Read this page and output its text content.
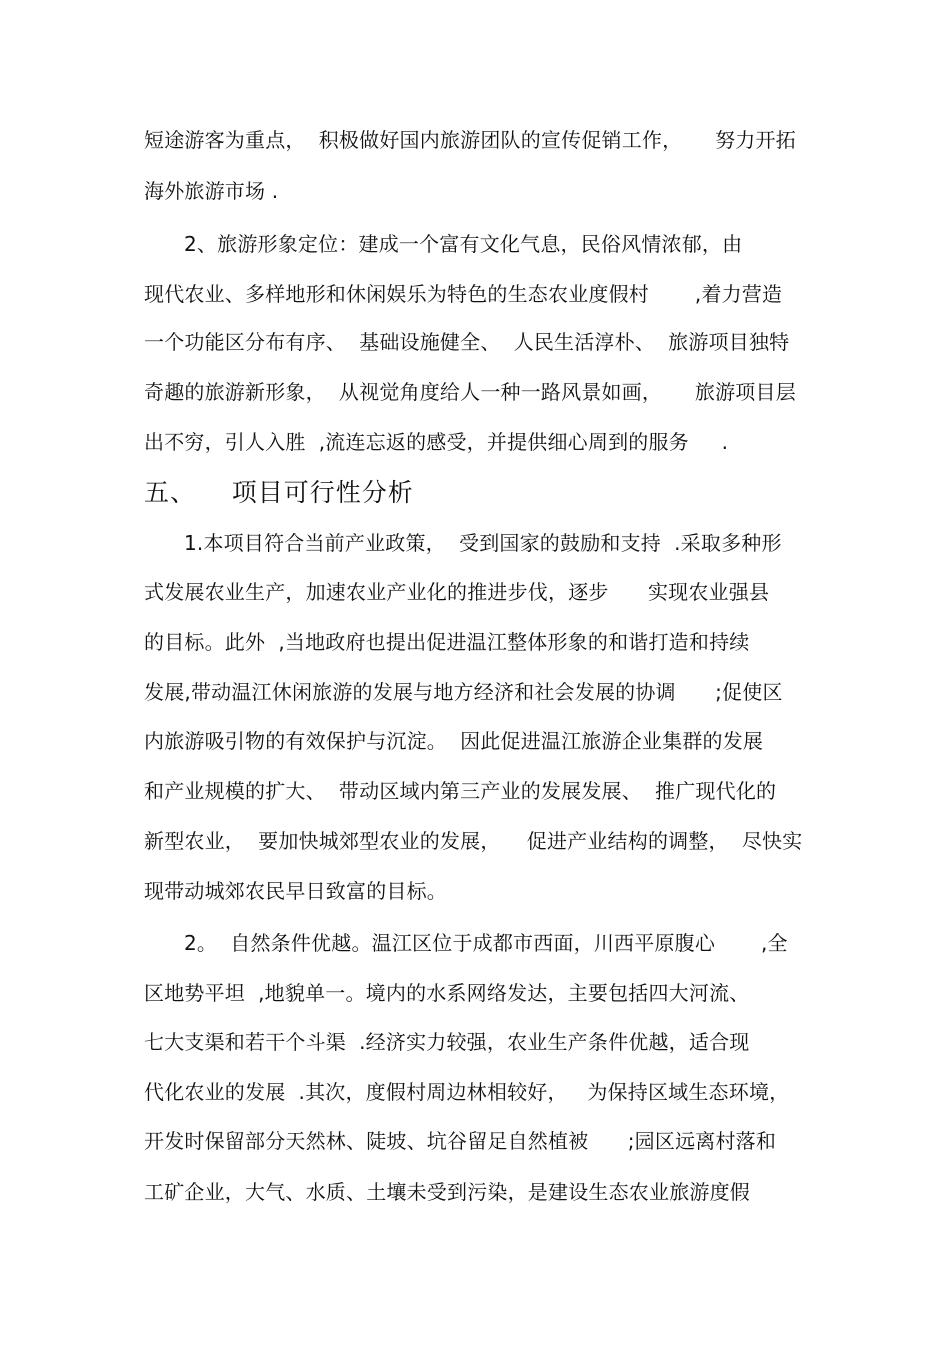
短途游客为重点，  积极做好国内旅游团队的宣传促销工作，     努力开拓
海外旅游市场 .
2、旅游形象定位：建成一个富有文化气息，民俗风情浓郁，由
现代农业、多样地形和休闲娱乐为特色的生态农业度假村       ,着力营造
一个功能区分布有序、  基础设施健全、  人民生活淳朴、  旅游项目独特
奇趣的旅游新形象，  从视觉角度给人一种一路风景如画，     旅游项目层
出不穷，引人入胜  ,流连忘返的感受，并提供细心周到的服务     .
五、    项目可行性分析
1.本项目符合当前产业政策，  受到国家的鼓励和支持  .采取多种形
式发展农业生产，加速农业产业化的推进步伐，逐步      实现农业强县
的目标。此外  ,当地政府也提出促进温江整体形象的和谐打造和持续
发展,带动温江休闲旅游的发展与地方经济和社会发展的协调      ;促使区
内旅游吸引物的有效保护与沉淀。  因此促进温江旅游企业集群的发展
和产业规模的扩大、  带动区域内第三产业的发展发展、  推广现代化的
新型农业，  要加快城郊型农业的发展，    促进产业结构的调整，  尽快实
现带动城郊农民早日致富的目标。
2。  自然条件优越。温江区位于成都市西面，川西平原腹心       ,全
区地势平坦  ,地貌单一。境内的水系网络发达，主要包括四大河流、
七大支渠和若干个斗渠  .经济实力较强，农业生产条件优越，适合现
代化农业的发展  .其次，度假村周边林相较好，   为保持区域生态环境，
开发时保留部分天然林、陡坡、坑谷留足自然植被      ;园区远离村落和
工矿企业，大气、水质、土壤未受到污染，是建设生态农业旅游度假
